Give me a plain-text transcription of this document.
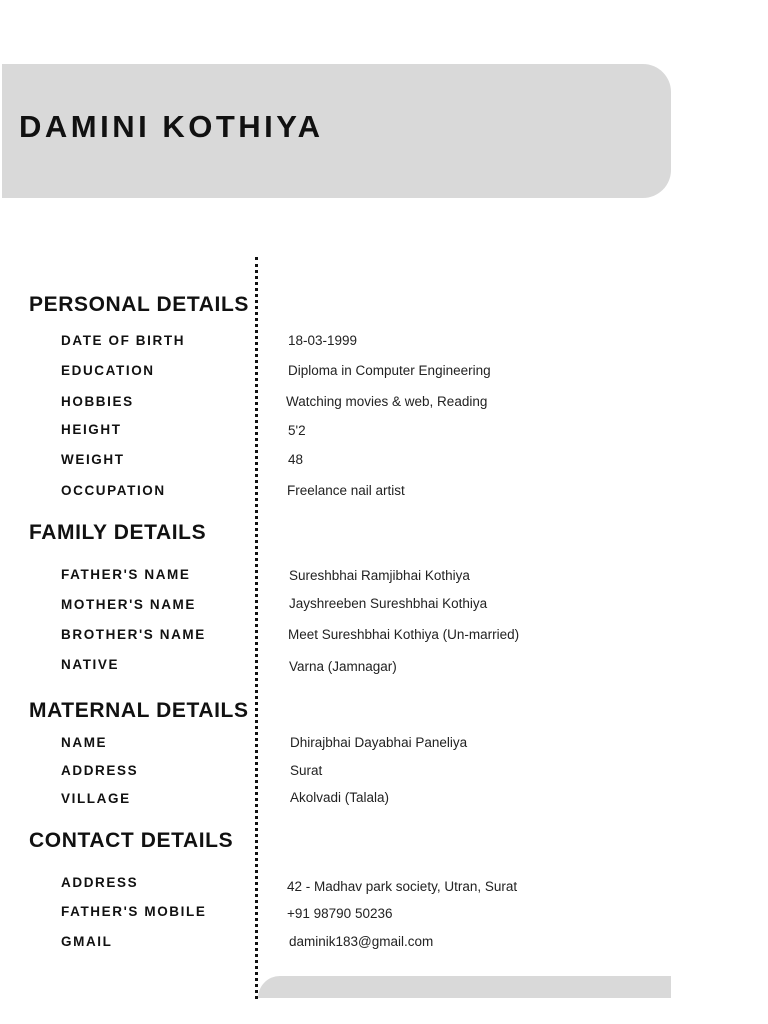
DAMINI KOTHIYA
PERSONAL DETAILS
DATE OF BIRTH	18-03-1999
EDUCATION	Diploma in Computer Engineering
HOBBIES	Watching movies & web, Reading
HEIGHT	5'2
WEIGHT	48
OCCUPATION	Freelance nail artist
FAMILY DETAILS
FATHER'S NAME	Sureshbhai Ramjibhai Kothiya
MOTHER'S NAME	Jayshreeben Sureshbhai Kothiya
BROTHER'S NAME	Meet Sureshbhai Kothiya (Un-married)
NATIVE	Varna (Jamnagar)
MATERNAL DETAILS
NAME	Dhirajbhai Dayabhai Paneliya
ADDRESS	Surat
VILLAGE	Akolvadi (Talala)
CONTACT DETAILS
ADDRESS	42 - Madhav park society, Utran, Surat
FATHER'S MOBILE	+91 98790 50236
GMAIL	daminik183@gmail.com
